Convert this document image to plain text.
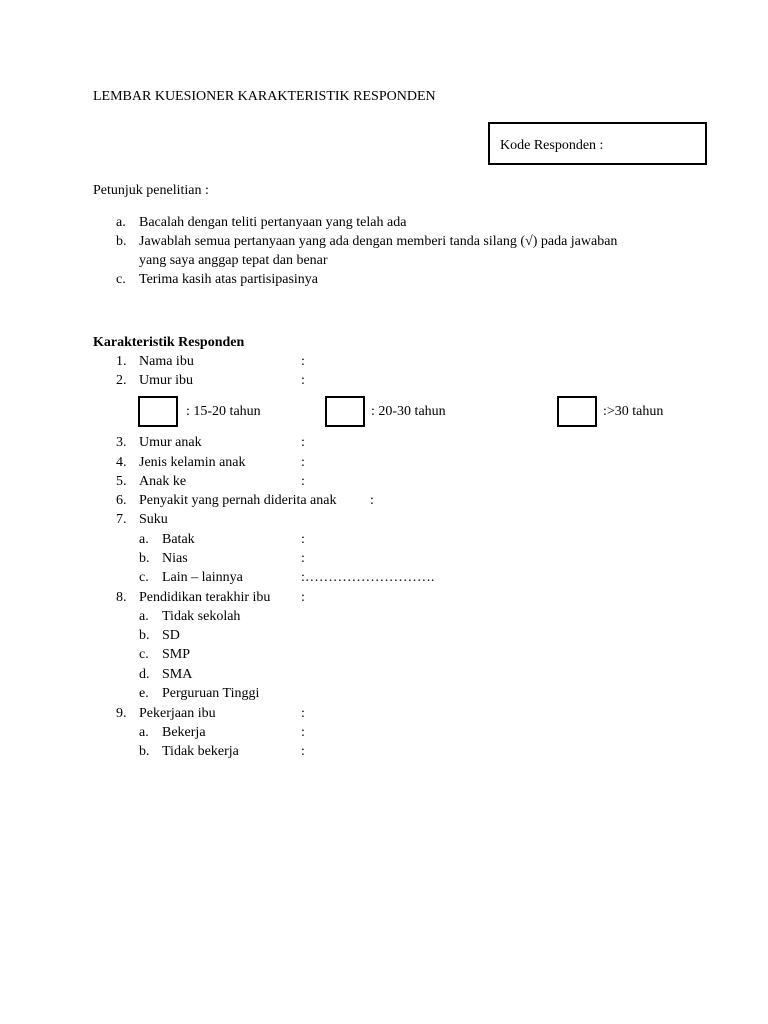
LEMBAR KUESIONER KARAKTERISTIK RESPONDEN
Kode Responden :
Petunjuk penelitian :
a. Bacalah dengan teliti pertanyaan yang telah ada
b. Jawablah semua pertanyaan yang ada dengan memberi tanda silang (√) pada jawaban
yang saya anggap tepat dan benar
c. Terima kasih atas partisipasinya
Karakteristik Responden
1. Nama ibu	:
2. Umur ibu	:
: 15-20 tahun	: 20-30 tahun	:>30 tahun
3. Umur anak	:
4. Jenis kelamin anak	:
5. Anak ke	:
6. Penyakit yang pernah diderita anak :
7. Suku
a. Batak	:
b. Nias	:
c. Lain – lainnya	:……………………….
8. Pendidikan terakhir ibu :
a. Tidak sekolah
b. SD
c. SMP
d. SMA
e. Perguruan Tinggi
9. Pekerjaan ibu	:
a. Bekerja	:
b. Tidak bekerja	:
